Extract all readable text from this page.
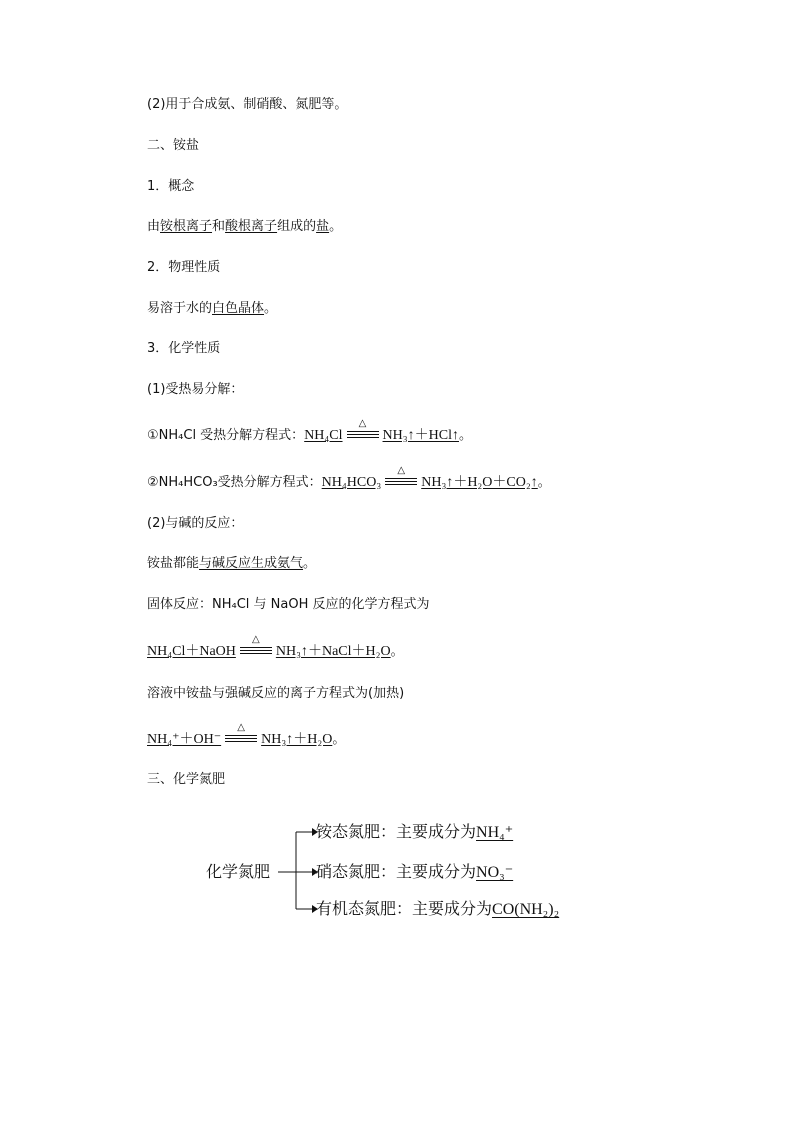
(2)用于合成氨、制硝酸、氮肥等。
二、铵盐
1．概念
由铵根离子和酸根离子组成的盐。
2．物理性质
易溶于水的白色晶体。
3．化学性质
(1)受热易分解：
①NH₄Cl 受热分解方程式：NH₄Cl
△
NH₃↑＋HCl↑。
②NH₄HCO₃受热分解方程式：NH₄HCO₃
△
NH₃↑＋H₂O＋CO₂↑。
(2)与碱的反应：
铵盐都能与碱反应生成氨气。
固体反应：NH₄Cl 与 NaOH 反应的化学方程式为
NH₄Cl＋NaOH
△
NH₃↑＋NaCl＋H₂O。
溶液中铵盐与强碱反应的离子方程式为(加热)
NH₄⁺＋OH⁻
△
NH₃↑＋H₂O。
三、化学氮肥
化学氮肥
铵态氮肥：主要成分为NH₄⁺
硝态氮肥：主要成分为NO₃⁻
有机态氮肥：主要成分为CO(NH₂)₂
